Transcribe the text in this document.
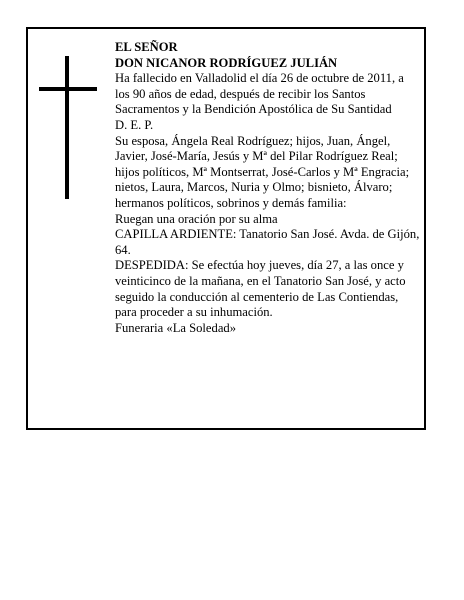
EL SEÑOR

DON NICANOR RODRÍGUEZ JULIÁN

Ha fallecido en Valladolid el día 26 de octubre de 2011, a los 90 años de edad, después de recibir los Santos Sacramentos y la Bendición Apostólica de Su Santidad

D. E. P.

Su esposa, Ángela Real Rodríguez; hijos, Juan, Ángel, Javier, José-María, Jesús y Mª del Pilar Rodríguez Real; hijos políticos, Mª Montserrat, José-Carlos y Mª Engracia; nietos, Laura, Marcos, Nuria y Olmo; bisnieto, Álvaro; hermanos políticos, sobrinos y demás familia:

Ruegan una oración por su alma

CAPILLA ARDIENTE: Tanatorio San José. Avda. de Gijón, 64.

DESPEDIDA: Se efectúa hoy jueves, día 27, a las once y veinticinco de la mañana, en el Tanatorio San José, y acto seguido la conducción al cementerio de Las Contiendas, para proceder a su inhumación.

Funeraria «La Soledad»
